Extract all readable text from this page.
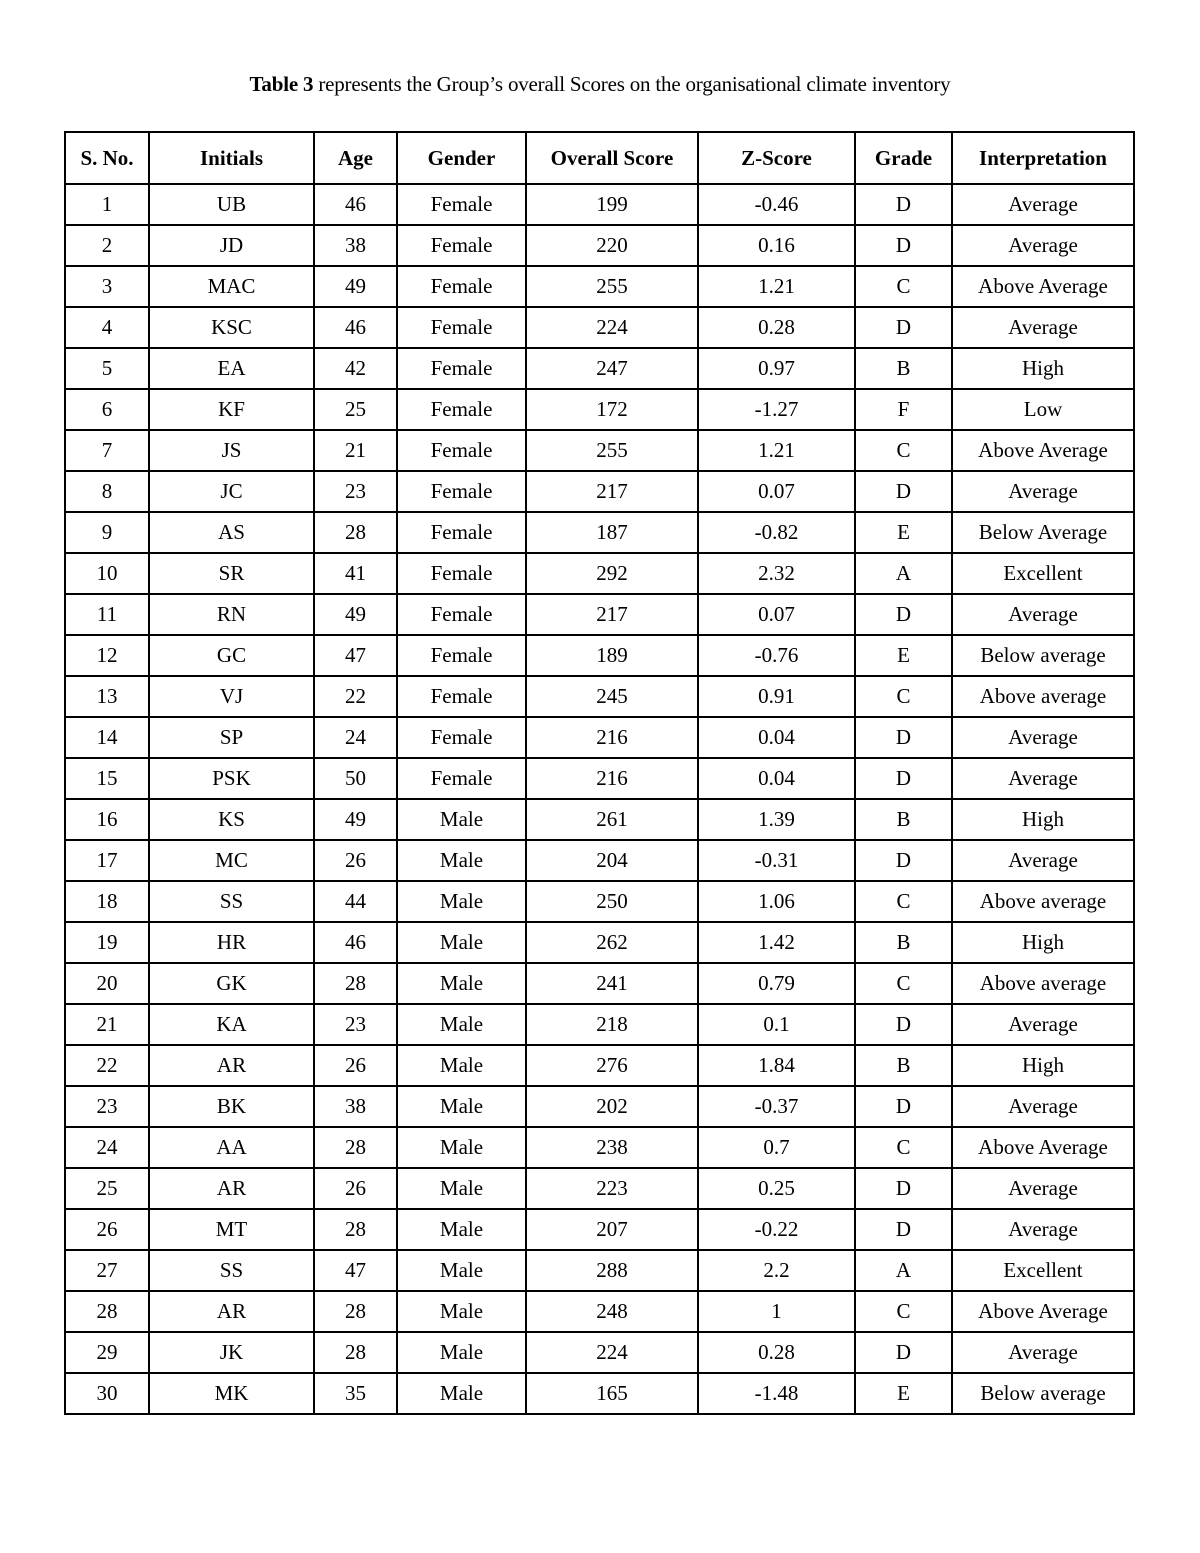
Table 3 represents the Group’s overall Scores on the organisational climate inventory
S. No.	Initials	Age	Gender	Overall Score	Z-Score	Grade	Interpretation
1	UB	46	Female	199	-0.46	D	Average
2	JD	38	Female	220	0.16	D	Average
3	MAC	49	Female	255	1.21	C	Above Average
4	KSC	46	Female	224	0.28	D	Average
5	EA	42	Female	247	0.97	B	High
6	KF	25	Female	172	-1.27	F	Low
7	JS	21	Female	255	1.21	C	Above Average
8	JC	23	Female	217	0.07	D	Average
9	AS	28	Female	187	-0.82	E	Below Average
10	SR	41	Female	292	2.32	A	Excellent
11	RN	49	Female	217	0.07	D	Average
12	GC	47	Female	189	-0.76	E	Below average
13	VJ	22	Female	245	0.91	C	Above average
14	SP	24	Female	216	0.04	D	Average
15	PSK	50	Female	216	0.04	D	Average
16	KS	49	Male	261	1.39	B	High
17	MC	26	Male	204	-0.31	D	Average
18	SS	44	Male	250	1.06	C	Above average
19	HR	46	Male	262	1.42	B	High
20	GK	28	Male	241	0.79	C	Above average
21	KA	23	Male	218	0.1	D	Average
22	AR	26	Male	276	1.84	B	High
23	BK	38	Male	202	-0.37	D	Average
24	AA	28	Male	238	0.7	C	Above Average
25	AR	26	Male	223	0.25	D	Average
26	MT	28	Male	207	-0.22	D	Average
27	SS	47	Male	288	2.2	A	Excellent
28	AR	28	Male	248	1	C	Above Average
29	JK	28	Male	224	0.28	D	Average
30	MK	35	Male	165	-1.48	E	Below average
